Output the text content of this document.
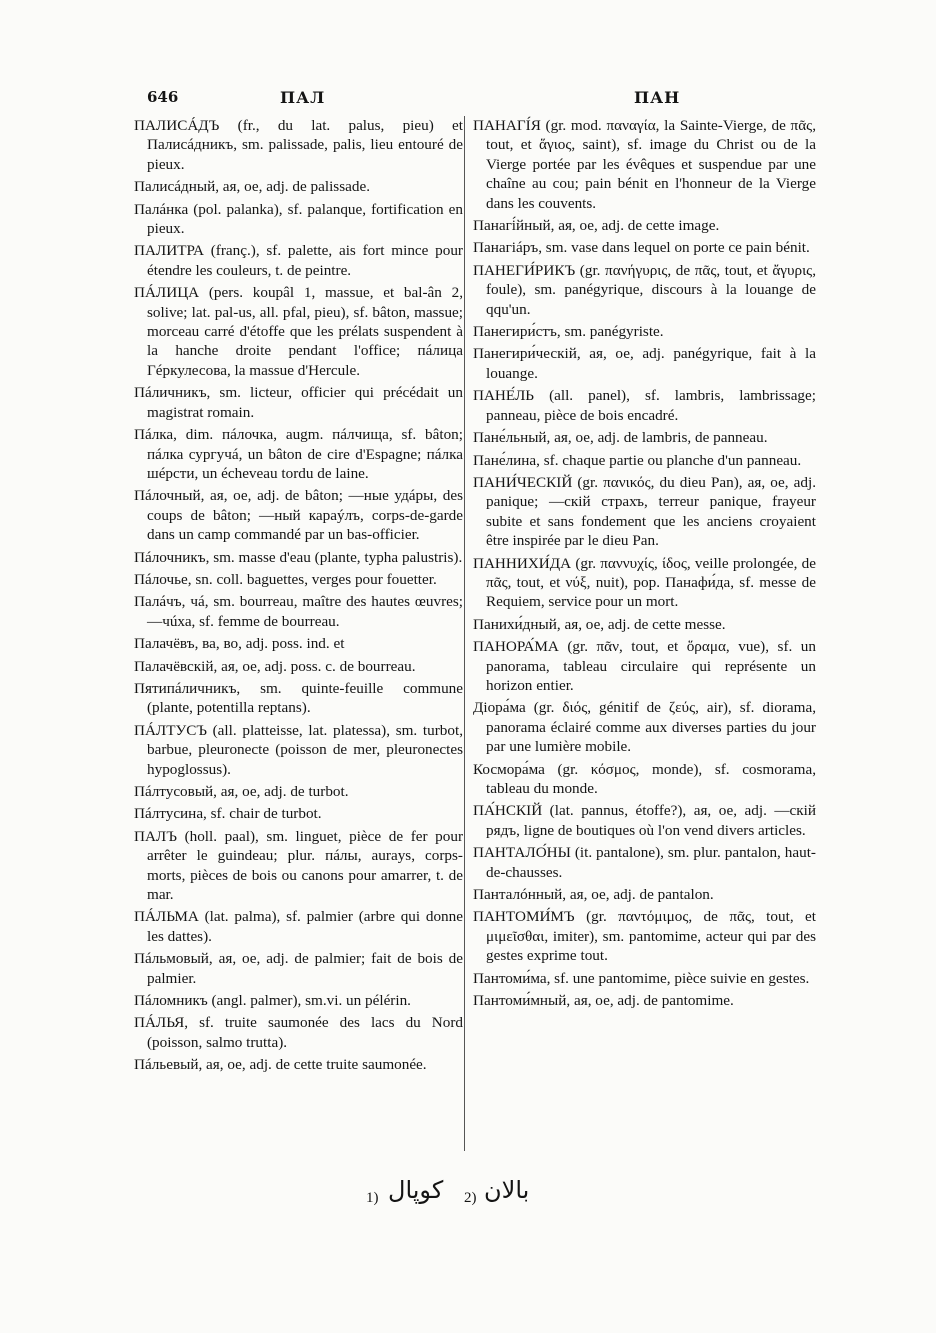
646	ПАЛ	ПАН

ПАЛИСÁДЪ (fr., du lat. palus, pieu) et Палисáдникъ, sm. palissade, palis, lieu entouré de pieux.

Палисáдный, ая, ое, adj. de palissade.

Палáнка (pol. palanka), sf. palanque, fortification en pieux.

ПАЛИТРА (franç.), sf. palette, ais fort mince pour étendre les couleurs, t. de peintre.

ПÁЛИЦА (pers. koupâl 1, massue, et bal-ân 2, solive; lat. pal-us, all. pfal, pieu), sf. bâton, massue; morceau carré d'étoffe que les prélats suspendent à la hanche droite pendant l'office; пáлица Гéркулесова, la massue d'Hercule.

Пáличникъ, sm. licteur, officier qui précédait un magistrat romain.

Пáлка, dim. пáлочка, augm. пáлчища, sf. bâton; пáлка сургучá, un bâton de cire d'Espagne; пáлка шéрсти, un écheveau tordu de laine.

Пáлочный, ая, ое, adj. de bâton; —ные удáры, des coups de bâton; —ный караýлъ, corps-de-garde dans un camp commandé par un bas-officier.

Пáлочникъ, sm. masse d'eau (plante, typha palustris).

Пáлочье, sn. coll. baguettes, verges pour fouetter.

Палáчъ, чá, sm. bourreau, maître des hautes œuvres; —чúха, sf. femme de bourreau.

Палачёвъ, ва, во, adj. poss. ind. et

Палачёвскій, ая, ое, adj. poss. c. de bourreau.

Пятипáличникъ, sm. quinte-feuille commune (plante, potentilla reptans).

ПÁЛТУСЪ (all. platteisse, lat. platessa), sm. turbot, barbue, pleuronecte (poisson de mer, pleuronectes hypoglossus).

Пáлтусовый, ая, ое, adj. de turbot.

Пáлтусина, sf. chair de turbot.

ПАЛЪ (holl. paal), sm. linguet, pièce de fer pour arrêter le guindeau; plur. пáлы, aurays, corps-morts, pièces de bois ou canons pour amarrer, t. de mar.

ПÁЛЬМА (lat. palma), sf. palmier (arbre qui donne les dattes).

Пáльмовый, ая, ое, adj. de palmier; fait de bois de palmier.

Пáломникъ (angl. palmer), sm.vi. un pélérin.

ПÁЛЬЯ, sf. truite saumonée des lacs du Nord (poisson, salmo trutta).

Пáльевый, ая, ое, adj. de cette truite saumonée.

ПАНАГІ́Я (gr. mod. παναγία, la Sainte-Vierge, de πᾶς, tout, et ἅγιος, saint), sf. image du Christ ou de la Vierge portée par les évêques et suspendue par une chaîne au cou; pain bénit en l'honneur de la Vierge dans les couvents.

Панагі́йный, ая, ое, adj. de cette image.

Панагiáръ, sm. vase dans lequel on porte ce pain bénit.

ПАНЕГИ́РИКЪ (gr. πανήγυρις, de πᾶς, tout, et ἄγυρις, foule), sm. panégyrique, discours à la louange de qqu'un.

Панегири́стъ, sm. panégyriste.

Панегири́ческій, ая, ое, adj. panégyrique, fait à la louange.

ПАНЕ́ЛЬ (all. panel), sf. lambris, lambrissage; panneau, pièce de bois encadré.

Пане́льный, ая, ое, adj. de lambris, de panneau.

Пане́лина, sf. chaque partie ou planche d'un panneau.

ПАНИ́ЧЕСКІЙ (gr. πανικός, du dieu Pan), ая, ое, adj. panique; —скій страхъ, terreur panique, frayeur subite et sans fondement que les anciens croyaient être inspirée par le dieu Pan.

ПАННИХИ́ДА (gr. παννυχίς, ίδος, veille prolongée, de πᾶς, tout, et νύξ, nuit), pop. Панафи́да, sf. messe de Requiem, service pour un mort.

Панихи́дный, ая, ое, adj. de cette messe.

ПАНОРА́МА (gr. πᾶν, tout, et ὅραμα, vue), sf. un panorama, tableau circulaire qui représente un horizon entier.

Діора́ма (gr. διός, génitif de ζεύς, air), sf. diorama, panorama éclairé comme aux diverses parties du jour par une lumière mobile.

Космора́ма (gr. κόσμος, monde), sf. cosmorama, tableau du monde.

ПА́НСКІЙ (lat. pannus, étoffe?), ая, ое, adj. —скій рядъ, ligne de boutiques où l'on vend divers articles.

ПАНТАЛО́НЫ (it. pantalone), sm. plur. pantalon, haut-de-chausses.

Панталóнный, ая, ое, adj. de pantalon.

ПАНТОМИ́МЪ (gr. παντόμιμος, de πᾶς, tout, et μιμεῖσθαι, imiter), sm. pantomime, acteur qui par des gestes exprime tout.

Пантоми́ма, sf. une pantomime, pièce suivie en gestes.

Пантоми́мный, ая, ое, adj. de pantomime.

1) كوپال 2) بالان
